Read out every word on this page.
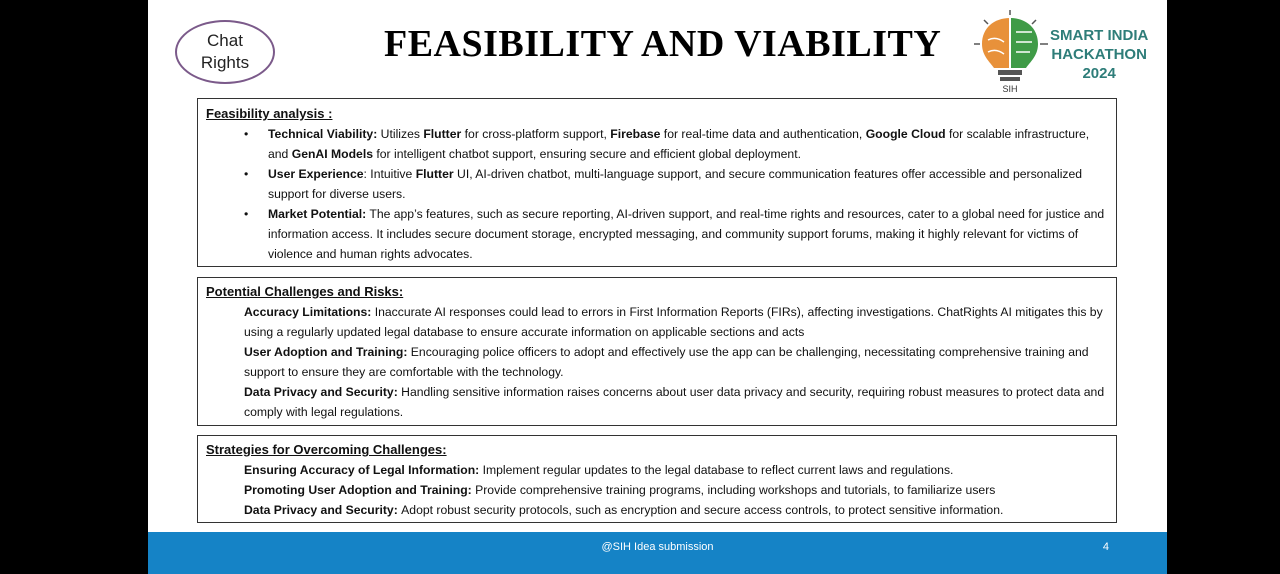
Chat
Rights	FEASIBILITY AND VIABILITY
SIH
SMART INDIA
HACKATHON
2024
Feasibility analysis :
• Technical Viability: Utilizes Flutter for cross-platform support, Firebase for real-time data and authentication, Google Cloud for scalable infrastructure, and GenAI Models for intelligent chatbot support, ensuring secure and efficient global deployment.
• User Experience: Intuitive Flutter UI, AI-driven chatbot, multi-language support, and secure communication features offer accessible and personalized support for diverse users.
• Market Potential: The app’s features, such as secure reporting, AI-driven support, and real-time rights and resources, cater to a global need for justice and information access. It includes secure document storage, encrypted messaging, and community support forums, making it highly relevant for victims of violence and human rights advocates.
Potential Challenges and Risks:

Accuracy Limitations: Inaccurate AI responses could lead to errors in First Information Reports (FIRs), affecting investigations. ChatRights AI mitigates this by using a regularly updated legal database to ensure accurate information on applicable sections and acts

User Adoption and Training: Encouraging police officers to adopt and effectively use the app can be challenging, necessitating comprehensive training and support to ensure they are comfortable with the technology.

Data Privacy and Security: Handling sensitive information raises concerns about user data privacy and security, requiring robust measures to protect data and comply with legal regulations.

Strategies for Overcoming Challenges:

Ensuring Accuracy of Legal Information: Implement regular updates to the legal database to reflect current laws and regulations.

Promoting User Adoption and Training: Provide comprehensive training programs, including workshops and tutorials, to familiarize users

Data Privacy and Security: Adopt robust security protocols, such as encryption and secure access controls, to protect sensitive information.

@SIH Idea submission	4
